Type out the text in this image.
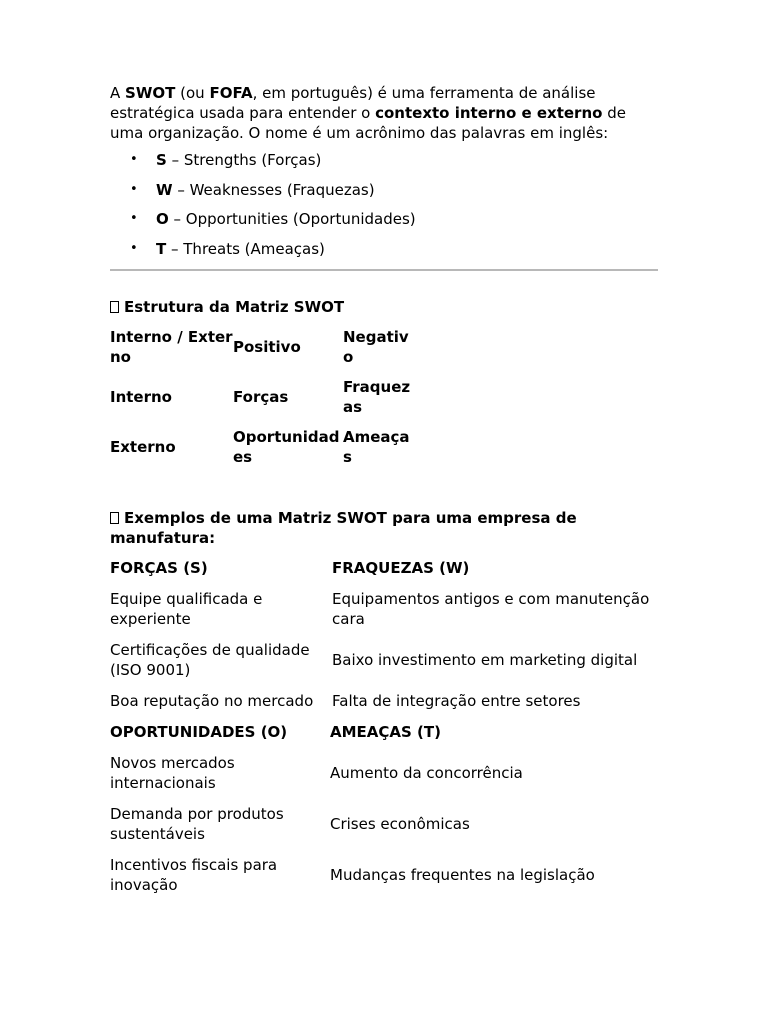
A SWOT (ou FOFA, em português) é uma ferramenta de análise estratégica usada para entender o contexto interno e externo de uma organização. O nome é um acrônimo das palavras em inglês:

• S – Strengths (Forças)
• W – Weaknesses (Fraquezas)
• O – Opportunities (Oportunidades)
• T – Threats (Ameaças)

Estrutura da Matriz SWOT

Interno / Externo	Positivo	Negativo
Interno	Forças	Fraquezas
Externo	Oportunidades	Ameaças

Exemplos de uma Matriz SWOT para uma empresa de manufatura:

FORÇAS (S)	FRAQUEZAS (W)
Equipe qualificada e experiente	Equipamentos antigos e com manutenção cara
Certificações de qualidade (ISO 9001)	Baixo investimento em marketing digital
Boa reputação no mercado	Falta de integração entre setores
OPORTUNIDADES (O)	AMEAÇAS (T)
Novos mercados internacionais	Aumento da concorrência
Demanda por produtos sustentáveis	Crises econômicas
Incentivos fiscais para inovação	Mudanças frequentes na legislação
